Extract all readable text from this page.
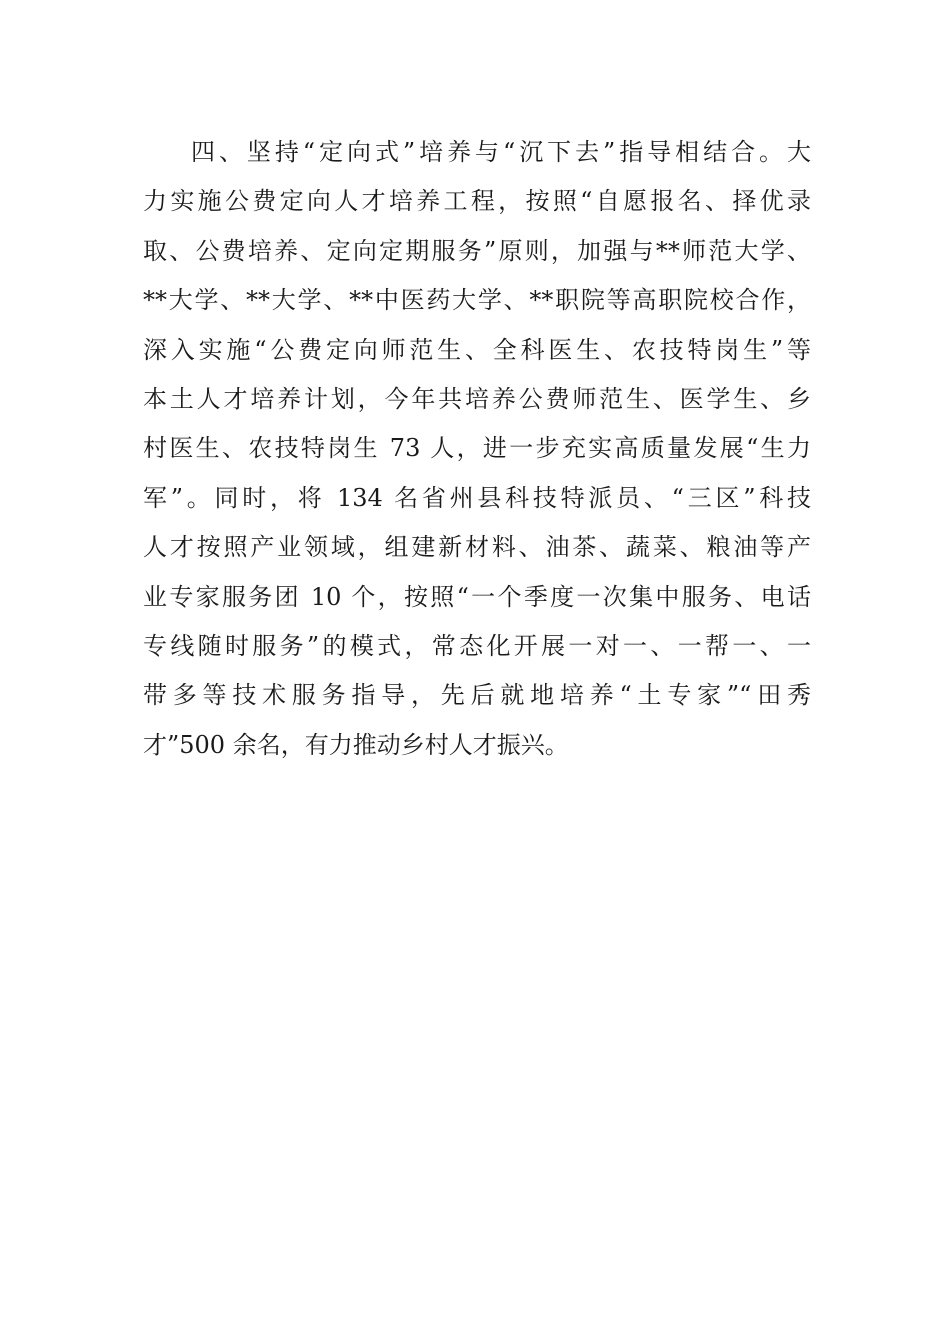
四、坚持“定向式”培养与“沉下去”指导相结合。大
力实施公费定向人才培养工程，按照“自愿报名、择优录
取、公费培养、定向定期服务”原则，加强与**师范大学、
**大学、**大学、**中医药大学、**职院等高职院校合作，
深入实施“公费定向师范生、全科医生、农技特岗生”等
本土人才培养计划，今年共培养公费师范生、医学生、乡
村医生、农技特岗生 73 人，进一步充实高质量发展“生力
军”。同时，将 134 名省州县科技特派员、“三区”科技
人才按照产业领域，组建新材料、油茶、蔬菜、粮油等产
业专家服务团 10 个，按照“一个季度一次集中服务、电话
专线随时服务”的模式，常态化开展一对一、一帮一、一
带多等技术服务指导，先后就地培养“土专家”“田秀
才”500 余名，有力推动乡村人才振兴。
